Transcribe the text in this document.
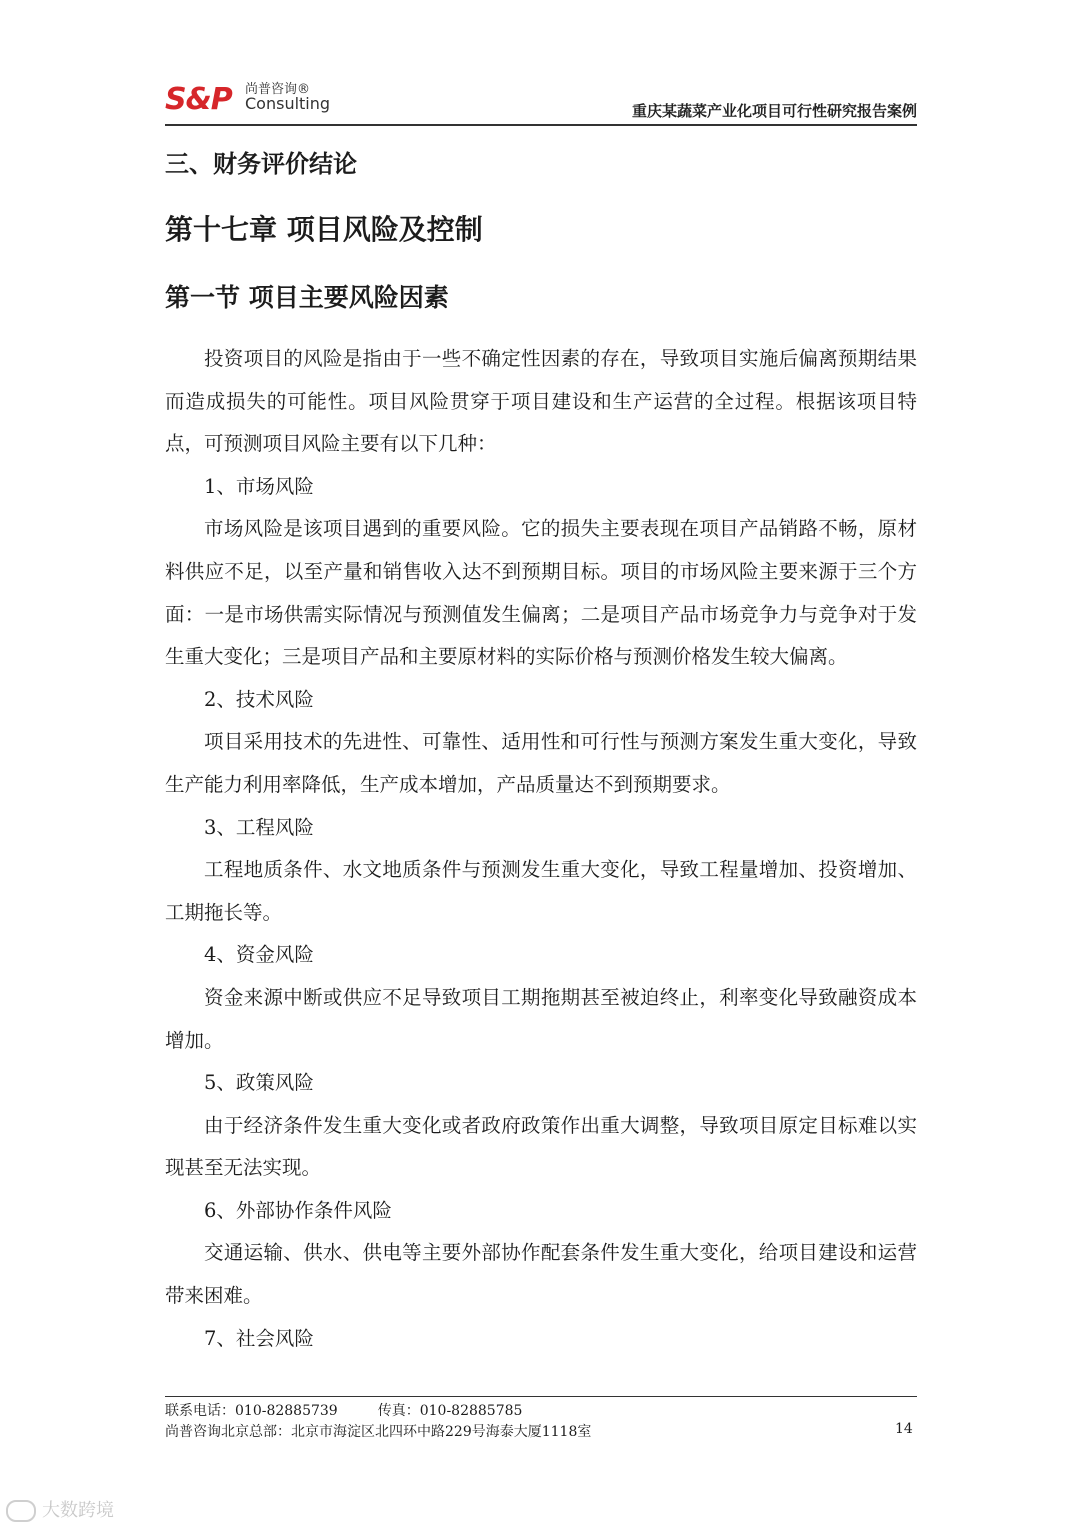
S&P 尚普咨询®
Consulting	重庆某蔬菜产业化项目可行性研究报告案例
三、财务评价结论
第十七章 项目风险及控制
第一节 项目主要风险因素

投资项目的风险是指由于一些不确定性因素的存在，导致项目实施后偏离预期结果而造成损失的可能性。项目风险贯穿于项目建设和生产运营的全过程。根据该项目特点，可预测项目风险主要有以下几种：

1、市场风险

市场风险是该项目遇到的重要风险。它的损失主要表现在项目产品销路不畅，原材料供应不足，以至产量和销售收入达不到预期目标。项目的市场风险主要来源于三个方面：一是市场供需实际情况与预测值发生偏离；二是项目产品市场竞争力与竞争对于发生重大变化；三是项目产品和主要原材料的实际价格与预测价格发生较大偏离。

2、技术风险

项目采用技术的先进性、可靠性、适用性和可行性与预测方案发生重大变化，导致生产能力利用率降低，生产成本增加，产品质量达不到预期要求。

3、工程风险

工程地质条件、水文地质条件与预测发生重大变化，导致工程量增加、投资增加、工期拖长等。

4、资金风险

资金来源中断或供应不足导致项目工期拖期甚至被迫终止，利率变化导致融资成本增加。

5、政策风险

由于经济条件发生重大变化或者政府政策作出重大调整，导致项目原定目标难以实现甚至无法实现。

6、外部协作条件风险

交通运输、供水、供电等主要外部协作配套条件发生重大变化，给项目建设和运营带来困难。

7、社会风险

联系电话：010-82885739	传真：010-82885785
尚普咨询北京总部：北京市海淀区北四环中路229号海泰大厦1118室	14
大数跨境
